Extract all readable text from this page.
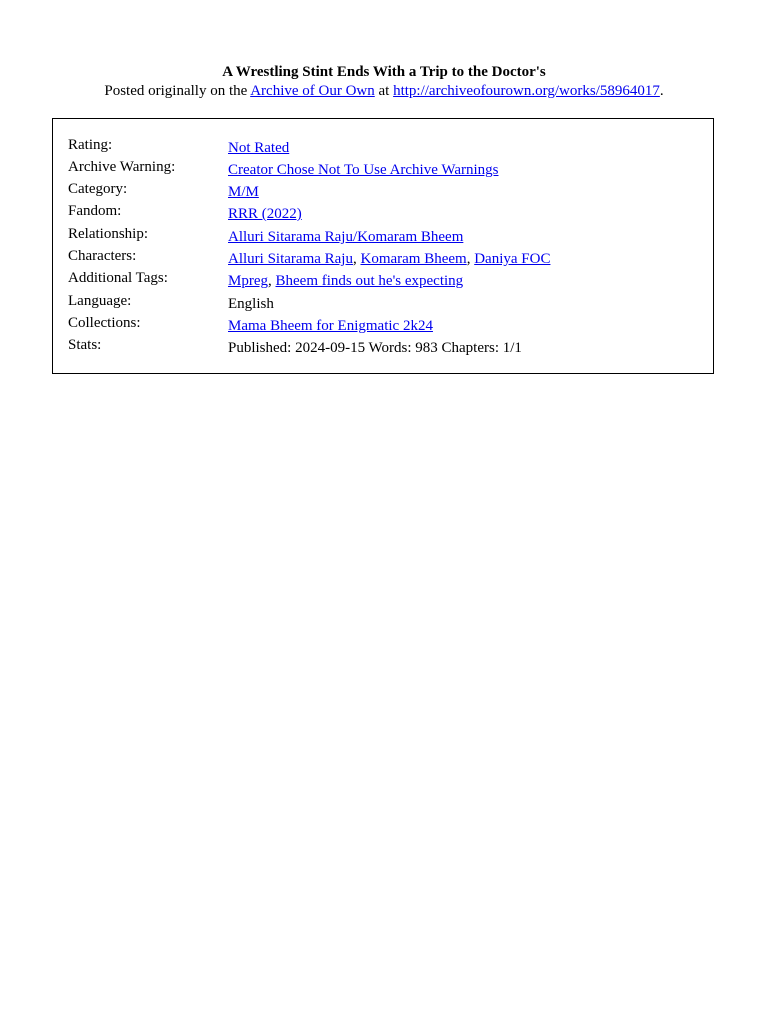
A Wrestling Stint Ends With a Trip to the Doctor's
Posted originally on the Archive of Our Own at http://archiveofourown.org/works/58964017.
Rating:	Not Rated
Archive Warning:	Creator Chose Not To Use Archive Warnings
Category:	M/M
Fandom:	RRR (2022)
Relationship:	Alluri Sitarama Raju/Komaram Bheem
Characters:	Alluri Sitarama Raju, Komaram Bheem, Daniya FOC
Additional Tags:	Mpreg, Bheem finds out he's expecting
Language:	English
Collections:	Mama Bheem for Enigmatic 2k24
Stats:	Published: 2024-09-15 Words: 983 Chapters: 1/1
